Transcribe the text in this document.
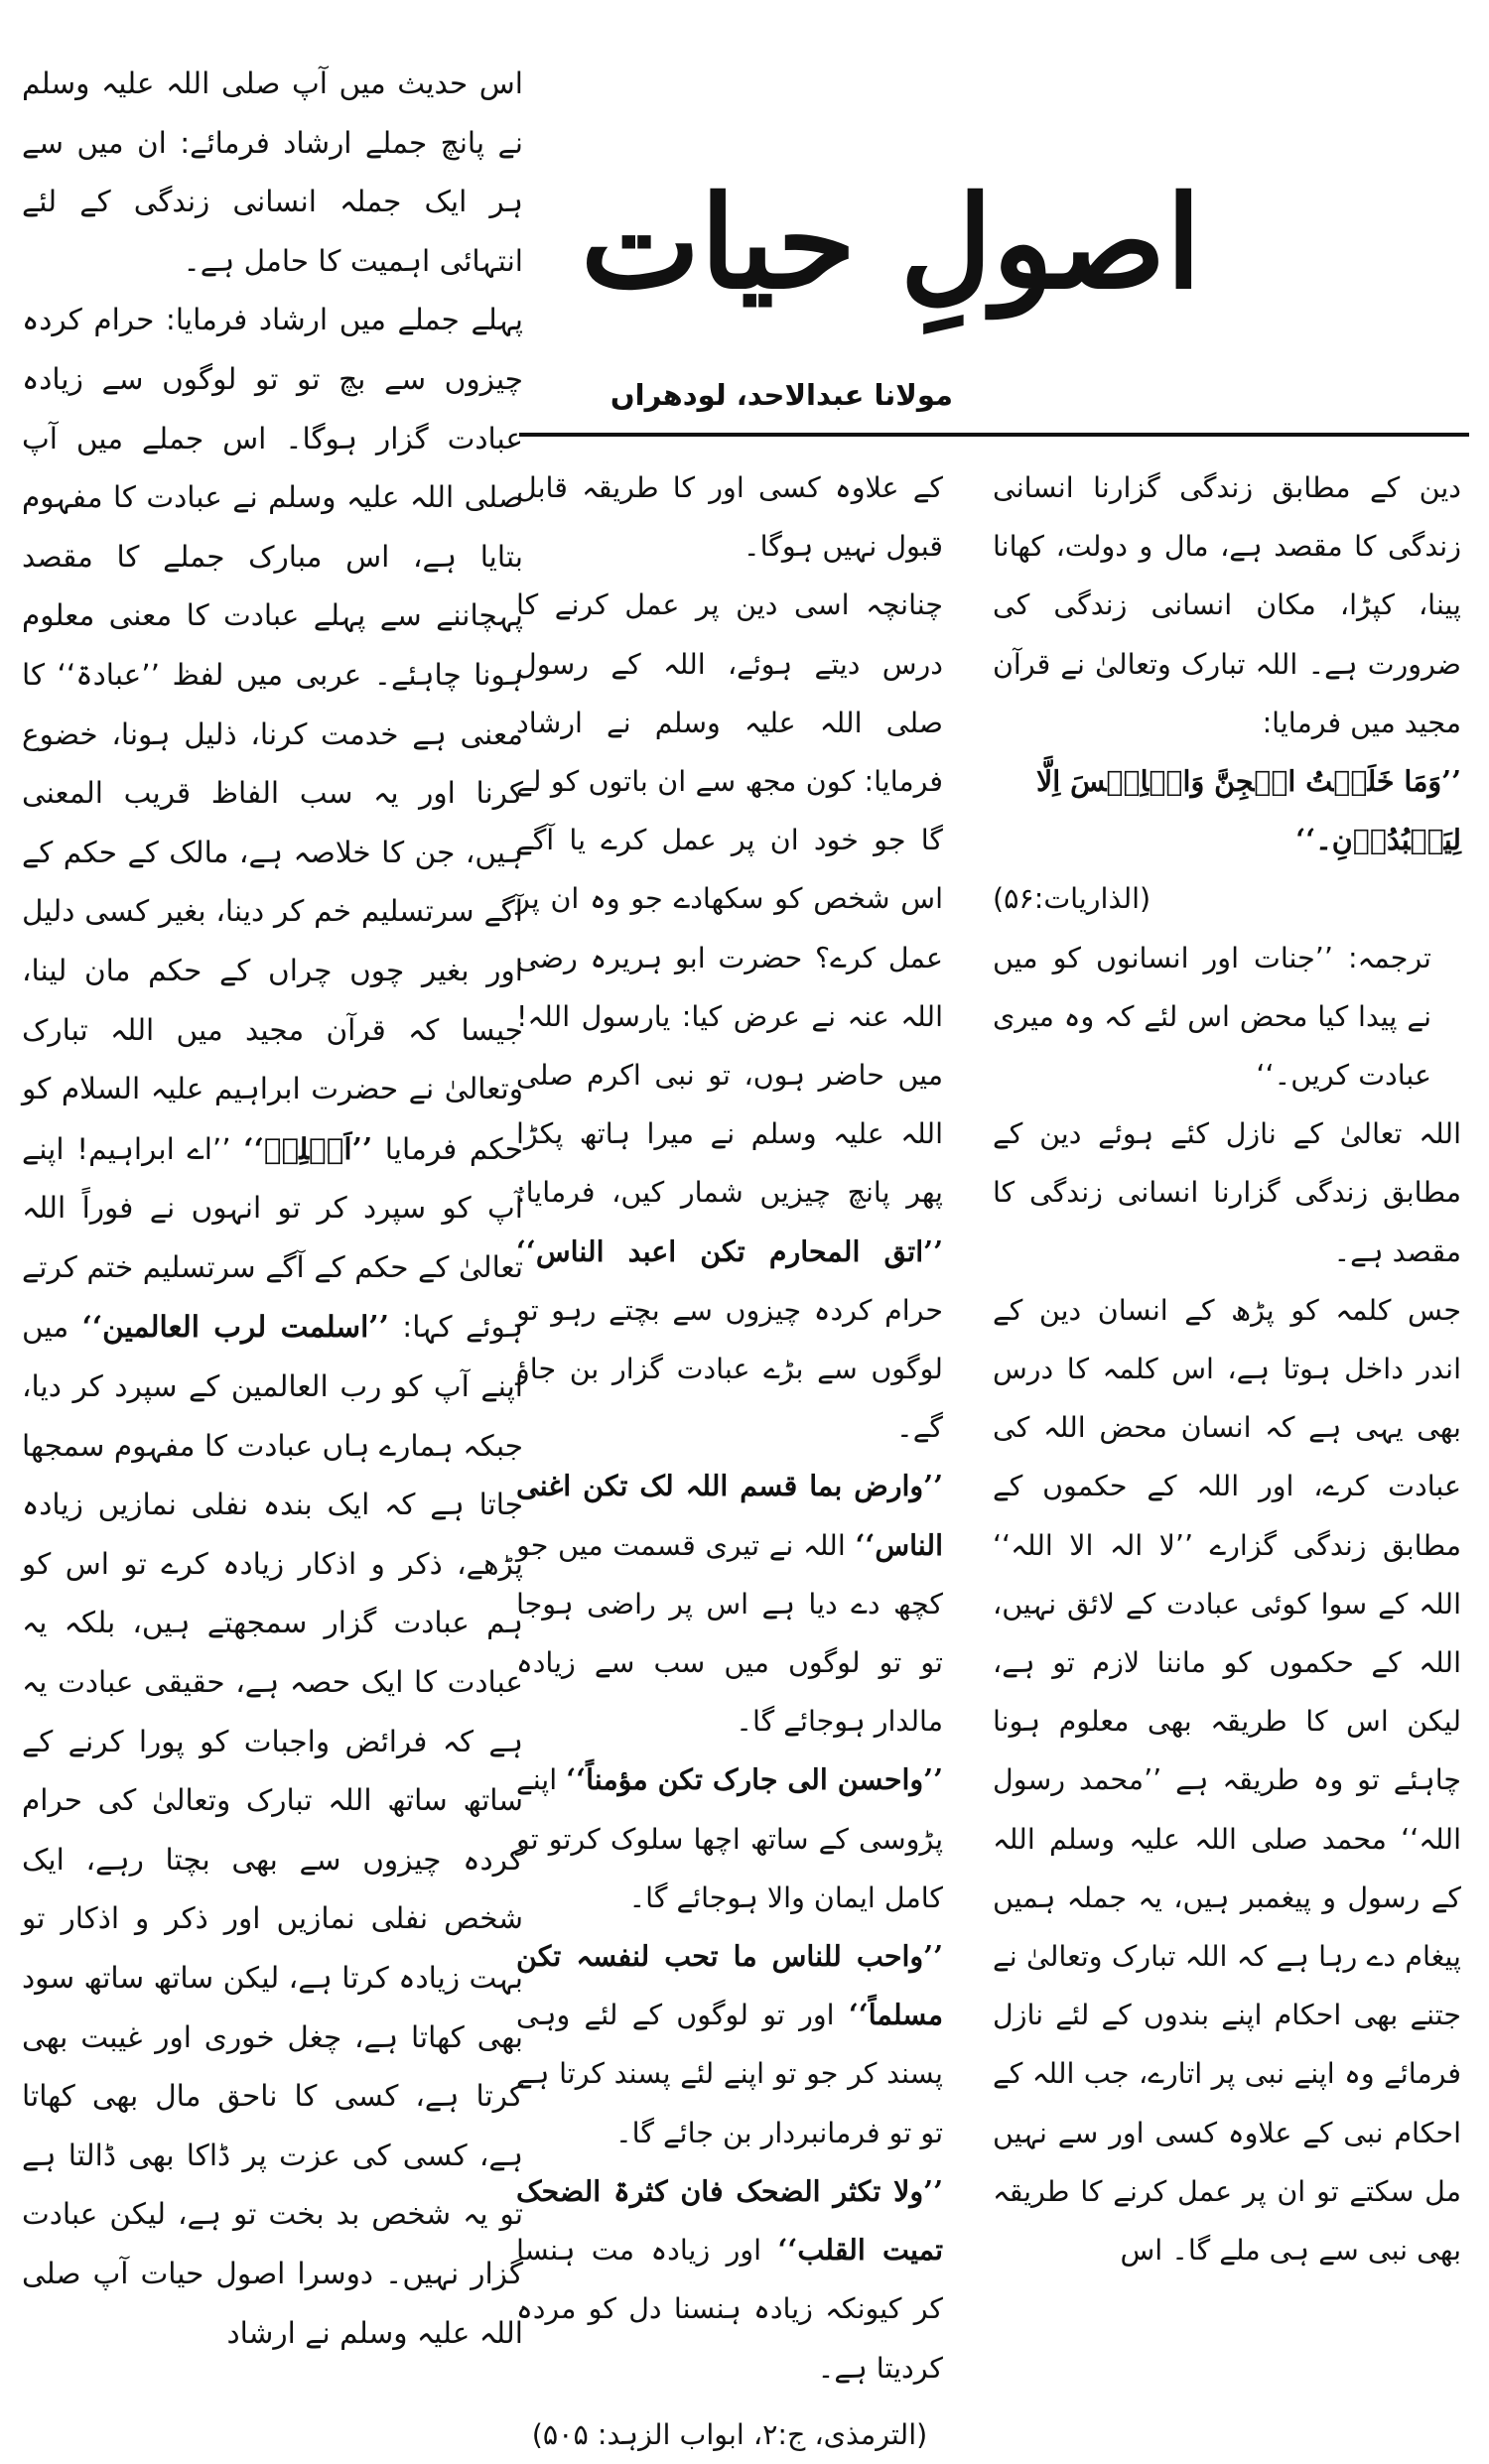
اصولِ حیات

مولانا عبدالاحد، لودھراں

دین کے مطابق زندگی گزارنا انسانی زندگی کا مقصد ہے، مال و دولت، کھانا پینا، کپڑا، مکان انسانی زندگی کی ضرورت ہے۔ اللہ تبارک وتعالیٰ نے قرآن مجید میں فرمایا:

’’وَمَا خَلَقۡتُ الۡجِنَّ وَالۡاِنۡسَ اِلَّا لِیَعۡبُدُوۡنِ۔‘‘

(الذاریات:۵۶)

ترجمہ: ’’جنات اور انسانوں کو میں نے پیدا کیا محض اس لئے کہ وہ میری عبادت کریں۔‘‘

اللہ تعالیٰ کے نازل کئے ہوئے دین کے مطابق زندگی گزارنا انسانی زندگی کا مقصد ہے۔

جس کلمہ کو پڑھ کے انسان دین کے اندر داخل ہوتا ہے، اس کلمہ کا درس بھی یہی ہے کہ انسان محض اللہ کی عبادت کرے، اور اللہ کے حکموں کے مطابق زندگی گزارے ’’لا الہ الا اللہ‘‘ اللہ کے سوا کوئی عبادت کے لائق نہیں، اللہ کے حکموں کو ماننا لازم تو ہے، لیکن اس کا طریقہ بھی معلوم ہونا چاہئے تو وہ طریقہ ہے ’’محمد رسول اللہ‘‘ محمد صلی اللہ علیہ وسلم اللہ کے رسول و پیغمبر ہیں، یہ جملہ ہمیں پیغام دے رہا ہے کہ اللہ تبارک وتعالیٰ نے جتنے بھی احکام اپنے بندوں کے لئے نازل فرمائے وہ اپنے نبی پر اتارے، جب اللہ کے احکام نبی کے علاوہ کسی اور سے نہیں مل سکتے تو ان پر عمل کرنے کا طریقہ بھی نبی سے ہی ملے گا۔ اس

کے علاوہ کسی اور کا طریقہ قابل قبول نہیں ہوگا۔

چنانچہ اسی دین پر عمل کرنے کا درس دیتے ہوئے، اللہ کے رسول صلی اللہ علیہ وسلم نے ارشاد فرمایا: کون مجھ سے ان باتوں کو لے گا جو خود ان پر عمل کرے یا آگے اس شخص کو سکھادے جو وہ ان پر عمل کرے؟ حضرت ابو ہریرہ رضی اللہ عنہ نے عرض کیا: یارسول اللہ! میں حاضر ہوں، تو نبی اکرم صلی اللہ علیہ وسلم نے میرا ہاتھ پکڑا پھر پانچ چیزیں شمار کیں، فرمایا: ’’اتق المحارم تکن اعبد الناس‘‘ حرام کردہ چیزوں سے بچتے رہو تو لوگوں سے بڑے عبادت گزار بن جاؤ گے۔

’’وارض بما قسم اللہ لک تکن اغنی الناس‘‘ اللہ نے تیری قسمت میں جو کچھ دے دیا ہے اس پر راضی ہوجا تو تو لوگوں میں سب سے زیادہ مالدار ہوجائے گا۔

’’واحسن الی جارک تکن مؤمناً‘‘ اپنے پڑوسی کے ساتھ اچھا سلوک کرتو تو کامل ایمان والا ہوجائے گا۔

’’واحب للناس ما تحب لنفسہ تکن مسلماً‘‘ اور تو لوگوں کے لئے وہی پسند کر جو تو اپنے لئے پسند کرتا ہے تو تو فرمانبردار بن جائے گا۔

’’ولا تکثر الضحک فان کثرۃ الضحک تمیت القلب‘‘ اور زیادہ مت ہنسا کر کیونکہ زیادہ ہنسنا دل کو مردہ کردیتا ہے۔

(الترمذی، ج:۲، ابواب الزہد: ۵۰۵)

اس حدیث میں آپ صلی اللہ علیہ وسلم نے پانچ جملے ارشاد فرمائے: ان میں سے ہر ایک جملہ انسانی زندگی کے لئے انتہائی اہمیت کا حامل ہے۔

پہلے جملے میں ارشاد فرمایا: حرام کردہ چیزوں سے بچ تو تو لوگوں سے زیادہ عبادت گزار ہوگا۔ اس جملے میں آپ صلی اللہ علیہ وسلم نے عبادت کا مفہوم بتایا ہے، اس مبارک جملے کا مقصد پہچاننے سے پہلے عبادت کا معنی معلوم ہونا چاہئے۔ عربی میں لفظ ’’عبادۃ‘‘ کا معنی ہے خدمت کرنا، ذلیل ہونا، خضوع کرنا اور یہ سب الفاظ قریب المعنی ہیں، جن کا خلاصہ ہے، مالک کے حکم کے آگے سرتسلیم خم کر دینا، بغیر کسی دلیل اور بغیر چوں چراں کے حکم مان لینا، جیسا کہ قرآن مجید میں اللہ تبارک وتعالیٰ نے حضرت ابراہیم علیہ السلام کو حکم فرمایا ’’اَسۡلِمۡ‘‘ ’’اے ابراہیم! اپنے آپ کو سپرد کر تو انہوں نے فوراً اللہ تعالیٰ کے حکم کے آگے سرتسلیم ختم کرتے ہوئے کہا: ’’اسلمت لرب العالمین‘‘ میں اپنے آپ کو رب العالمین کے سپرد کر دیا، جبکہ ہمارے ہاں عبادت کا مفہوم سمجھا جاتا ہے کہ ایک بندہ نفلی نمازیں زیادہ پڑھے، ذکر و اذکار زیادہ کرے تو اس کو ہم عبادت گزار سمجھتے ہیں، بلکہ یہ عبادت کا ایک حصہ ہے، حقیقی عبادت یہ ہے کہ فرائض واجبات کو پورا کرنے کے ساتھ ساتھ اللہ تبارک وتعالیٰ کی حرام کردہ چیزوں سے بھی بچتا رہے، ایک شخص نفلی نمازیں اور ذکر و اذکار تو بہت زیادہ کرتا ہے، لیکن ساتھ ساتھ سود بھی کھاتا ہے، چغل خوری اور غیبت بھی کرتا ہے، کسی کا ناحق مال بھی کھاتا ہے، کسی کی عزت پر ڈاکا بھی ڈالتا ہے تو یہ شخص بد بخت تو ہے، لیکن عبادت گزار نہیں۔ دوسرا اصول حیات آپ صلی اللہ علیہ وسلم نے ارشاد
